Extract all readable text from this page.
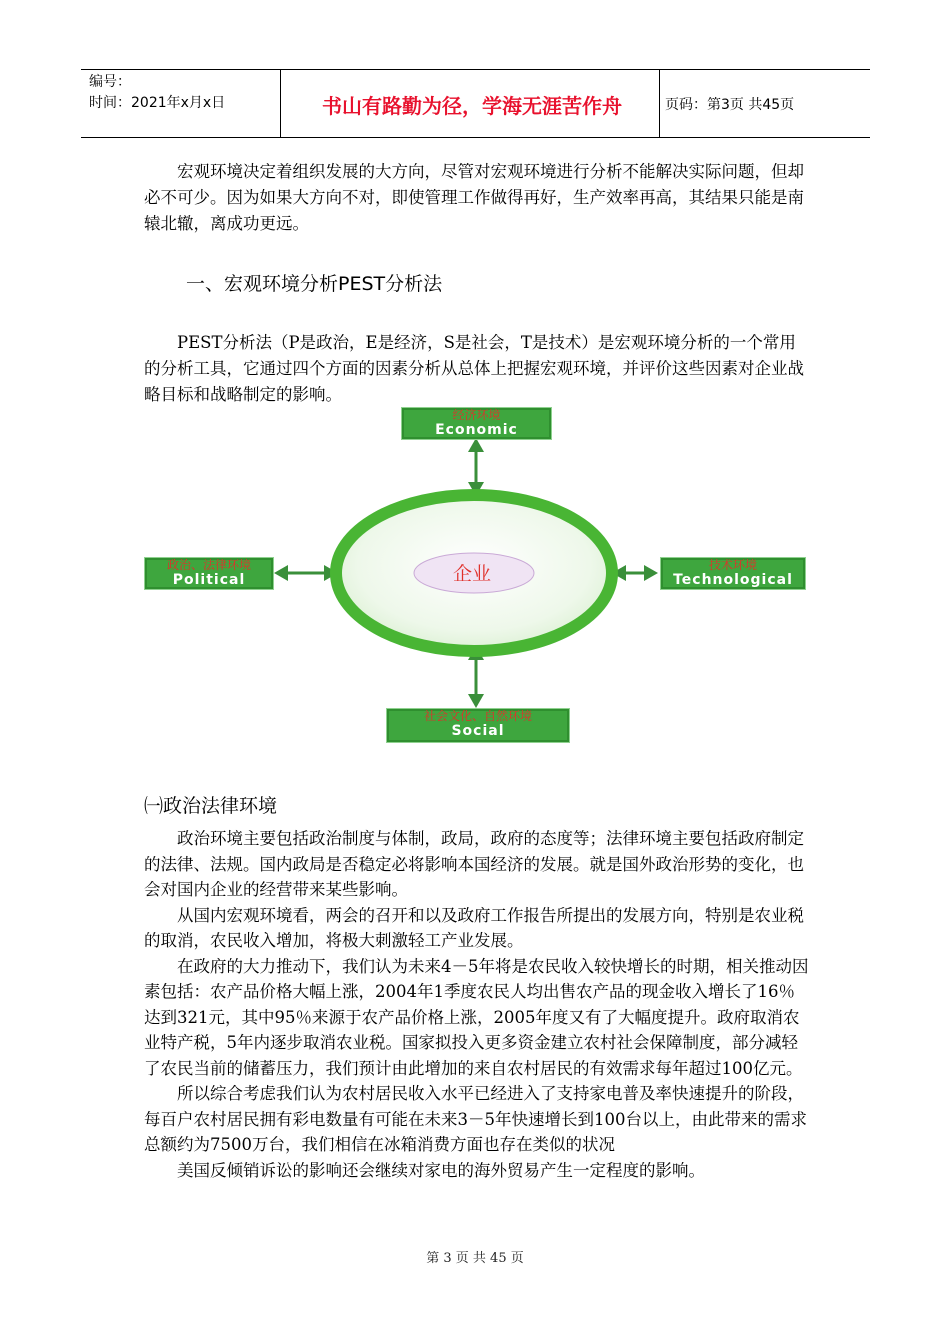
编号：
时间：2021年x月x日	书山有路勤为径，学海无涯苦作舟	页码：第3页 共45页

宏观环境决定着组织发展的大方向，尽管对宏观环境进行分析不能解决实际问题，但却必不可少。因为如果大方向不对，即使管理工作做得再好，生产效率再高，其结果只能是南辕北辙，离成功更远。

一、宏观环境分析PEST分析法

PEST分析法（P是政治，E是经济，S是社会，T是技术）是宏观环境分析的一个常用的分析工具，它通过四个方面的因素分析从总体上把握宏观环境，并评价这些因素对企业战略目标和战略制定的影响。

企业
经济环境
Economic
政治、法律环境
Political
技术环境
Technological
社会文化、自然环境
Social
㈠政治法律环境

政治环境主要包括政治制度与体制，政局，政府的态度等；法律环境主要包括政府制定的法律、法规。国内政局是否稳定必将影响本国经济的发展。就是国外政治形势的变化，也会对国内企业的经营带来某些影响。

从国内宏观环境看，两会的召开和以及政府工作报告所提出的发展方向，特别是农业税的取消，农民收入增加，将极大刺激轻工产业发展。

在政府的大力推动下，我们认为未来4－5年将是农民收入较快增长的时期，相关推动因素包括：农产品价格大幅上涨，2004年1季度农民人均出售农产品的现金收入增长了16％达到321元，其中95％来源于农产品价格上涨，2005年度又有了大幅度提升。政府取消农业特产税，5年内逐步取消农业税。国家拟投入更多资金建立农村社会保障制度，部分减轻了农民当前的储蓄压力，我们预计由此增加的来自农村居民的有效需求每年超过100亿元。

所以综合考虑我们认为农村居民收入水平已经进入了支持家电普及率快速提升的阶段，每百户农村居民拥有彩电数量有可能在未来3－5年快速增长到100台以上，由此带来的需求总额约为7500万台，我们相信在冰箱消费方面也存在类似的状况

美国反倾销诉讼的影响还会继续对家电的海外贸易产生一定程度的影响。

第 3 页 共 45 页
